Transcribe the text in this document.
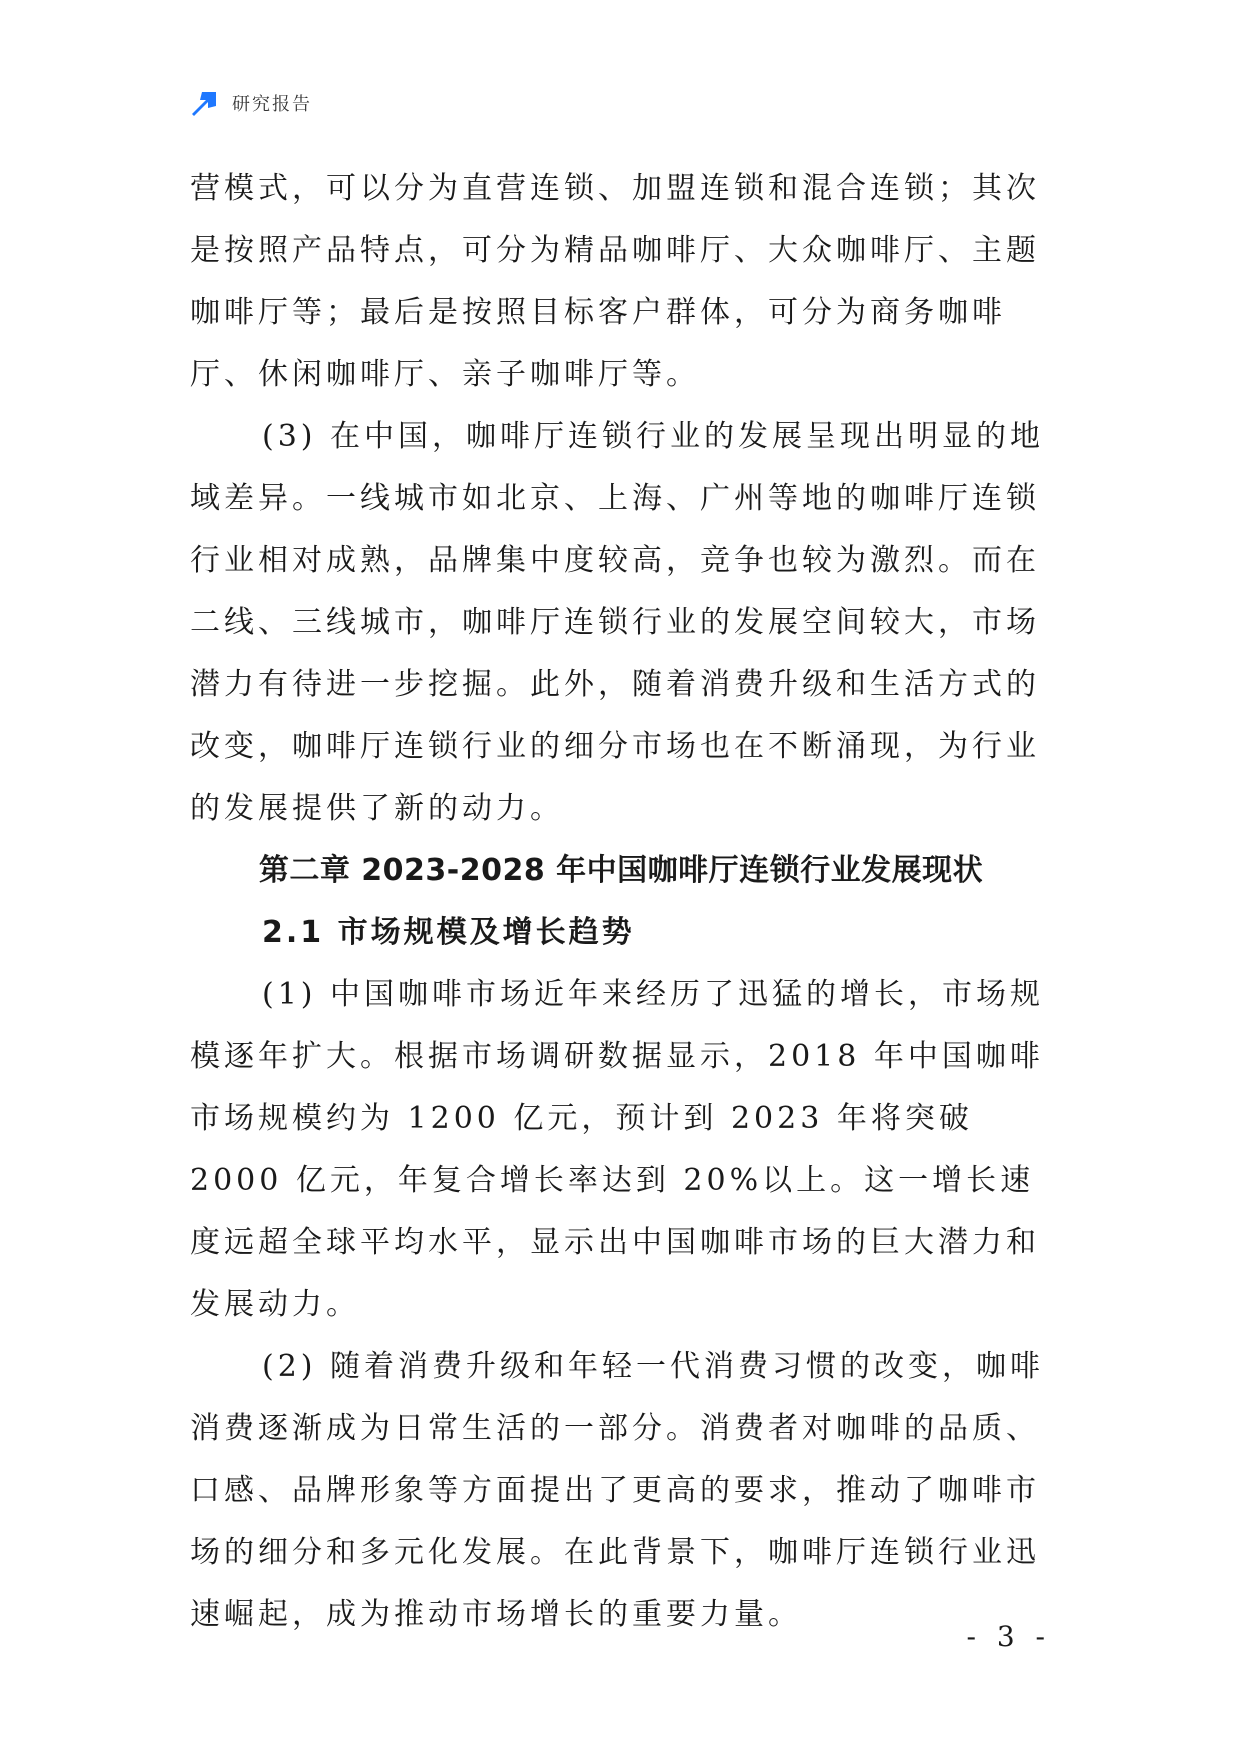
研究报告

营模式，可以分为直营连锁、加盟连锁和混合连锁；其次是按照产品特点，可分为精品咖啡厅、大众咖啡厅、主题咖啡厅等；最后是按照目标客户群体，可分为商务咖啡厅、休闲咖啡厅、亲子咖啡厅等。

(3) 在中国，咖啡厅连锁行业的发展呈现出明显的地域差异。一线城市如北京、上海、广州等地的咖啡厅连锁行业相对成熟，品牌集中度较高，竞争也较为激烈。而在二线、三线城市，咖啡厅连锁行业的发展空间较大，市场潜力有待进一步挖掘。此外，随着消费升级和生活方式的改变，咖啡厅连锁行业的细分市场也在不断涌现，为行业的发展提供了新的动力。

第二章 2023-2028 年中国咖啡厅连锁行业发展现状
2.1 市场规模及增长趋势

(1) 中国咖啡市场近年来经历了迅猛的增长，市场规模逐年扩大。根据市场调研数据显示，2018 年中国咖啡市场规模约为 1200 亿元，预计到 2023 年将突破 2000 亿元，年复合增长率达到 20%以上。这一增长速度远超全球平均水平，显示出中国咖啡市场的巨大潜力和发展动力。

(2) 随着消费升级和年轻一代消费习惯的改变，咖啡消费逐渐成为日常生活的一部分。消费者对咖啡的品质、口感、品牌形象等方面提出了更高的要求，推动了咖啡市场的细分和多元化发展。在此背景下，咖啡厅连锁行业迅速崛起，成为推动市场增长的重要力量。

- 3 -
